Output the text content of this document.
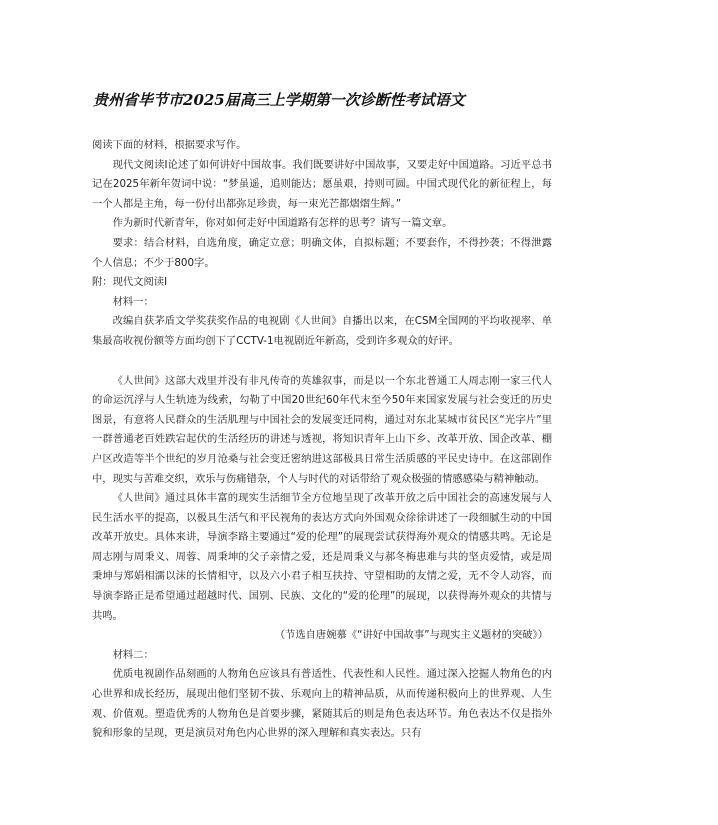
贵州省毕节市2025届高三上学期第一次诊断性考试语文

阅读下面的材料，根据要求写作。

现代文阅读Ⅰ论述了如何讲好中国故事。我们既要讲好中国故事，又要走好中国道路。习近平总书记在2025年新年贺词中说：“梦虽遥，追则能达；愿虽艰，持则可圆。中国式现代化的新征程上，每一个人都是主角，每一份付出都弥足珍贵，每一束光芒都熠熠生辉。”

作为新时代新青年，你对如何走好中国道路有怎样的思考？请写一篇文章。

要求：结合材料，自选角度，确定立意；明确文体，自拟标题；不要套作，不得抄袭；不得泄露个人信息；不少于800字。

附：现代文阅读Ⅰ

材料一：

改编自获茅盾文学奖获奖作品的电视剧《人世间》自播出以来，在CSM全国网的平均收视率、单集最高收视份额等方面均创下了CCTV-1电视剧近年新高，受到许多观众的好评。

《人世间》这部大戏里并没有非凡传奇的英雄叙事，而是以一个东北普通工人周志刚一家三代人的命运沉浮与人生轨迹为线索，勾勒了中国20世纪60年代末至今50年来国家发展与社会变迁的历史图景，有意将人民群众的生活肌理与中国社会的发展变迁同构，通过对东北某城市贫民区“光字片”里一群普通老百姓跌宕起伏的生活经历的讲述与透视，将知识青年上山下乡、改革开放、国企改革、棚户区改造等半个世纪的岁月沧桑与社会变迁密纳进这部极具日常生活质感的平民史诗中。在这部剧作中，现实与苦难交织，欢乐与伤痛错杂，个人与时代的对话带给了观众极强的情感感染与精神触动。

《人世间》通过具体丰富的现实生活细节全方位地呈现了改革开放之后中国社会的高速发展与人民生活水平的提高，以极具生活气和平民视角的表达方式向外国观众徐徐讲述了一段细腻生动的中国改革开放史。具体来讲，导演李路主要通过“爱的伦理”的展现尝试获得海外观众的情感共鸣。无论是周志刚与周秉义、周蓉、周秉坤的父子亲情之爱，还是周秉义与郝冬梅患难与共的坚贞爱情，或是周秉坤与郑娟相濡以沫的长情相守，以及六小君子相互扶持、守望相助的友情之爱，无不令人动容，而导演李路正是希望通过超越时代、国别、民族、文化的“爱的伦理”的展现，以获得海外观众的共情与共鸣。

（节选自唐婉慕《“讲好中国故事”与现实主义题材的突破》）

材料二：

优质电视剧作品刻画的人物角色应该具有普适性、代表性和人民性。通过深入挖掘人物角色的内心世界和成长经历，展现出他们坚韧不拔、乐观向上的精神品质，从而传递积极向上的世界观、人生观、价值观。塑造优秀的人物角色是首要步骤，紧随其后的则是角色表达环节。角色表达不仅是指外貌和形象的呈现，更是演员对角色内心世界的深入理解和真实表达。只有
